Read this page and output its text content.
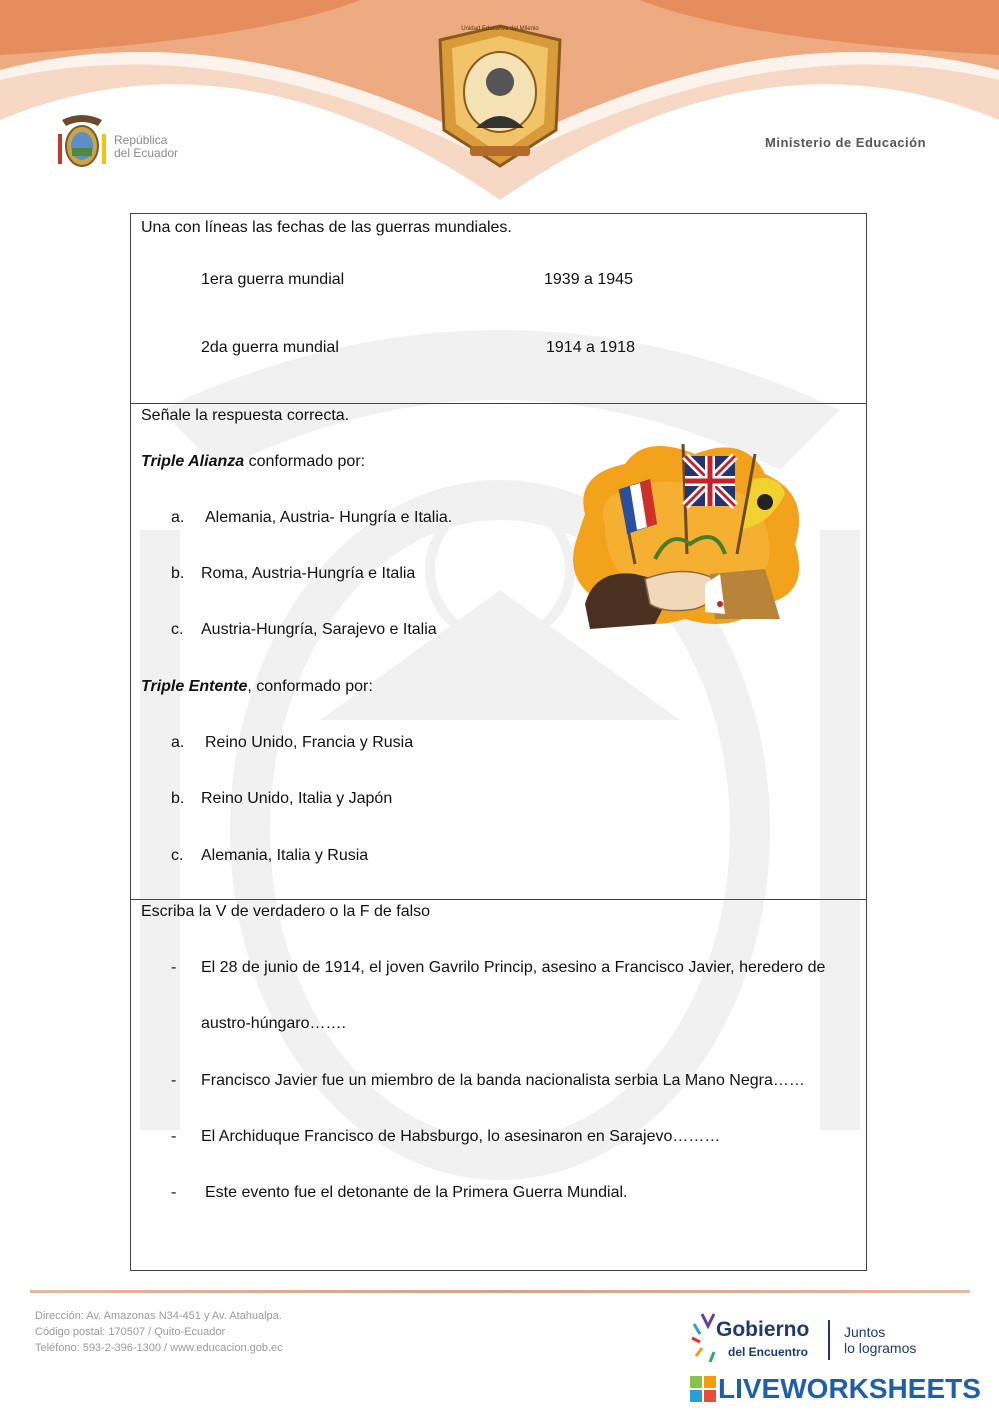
República
del Ecuador
Unidad Educativa del Milenio
Ministerio de Educación
Una con líneas las fechas de las guerras mundiales.
1era guerra mundial	1939 a 1945
2da guerra mundial	1914 a 1918
Señale la respuesta correcta.
Triple Alianza conformado por:
a. Alemania, Austria- Hungría e Italia.
b. Roma, Austria-Hungría e Italia
c. Austria-Hungría, Sarajevo e Italia
Triple Entente, conformado por:
a. Reino Unido, Francia y Rusia
b. Reino Unido, Italia y Japón
c. Alemania, Italia y Rusia
Escriba la V de verdadero o la F de falso
- El 28 de junio de 1914, el joven Gavrilo Princip, asesino a Francisco Javier, heredero de
austro-húngaro…….
- Francisco Javier fue un miembro de la banda nacionalista serbia La Mano Negra……
- El Archiduque Francisco de Habsburgo, lo asesinaron en Sarajevo………
- Este evento fue el detonante de la Primera Guerra Mundial.
Dirección: Av. Amazonas N34-451 y Av. Atahualpa.
Código postal: 170507 / Quito-Ecuador
Teléfono: 593-2-396-1300 / www.educacion.gob.ec
Gobierno
del Encuentro
Juntos
lo logramos
LIVEWORKSHEETS
